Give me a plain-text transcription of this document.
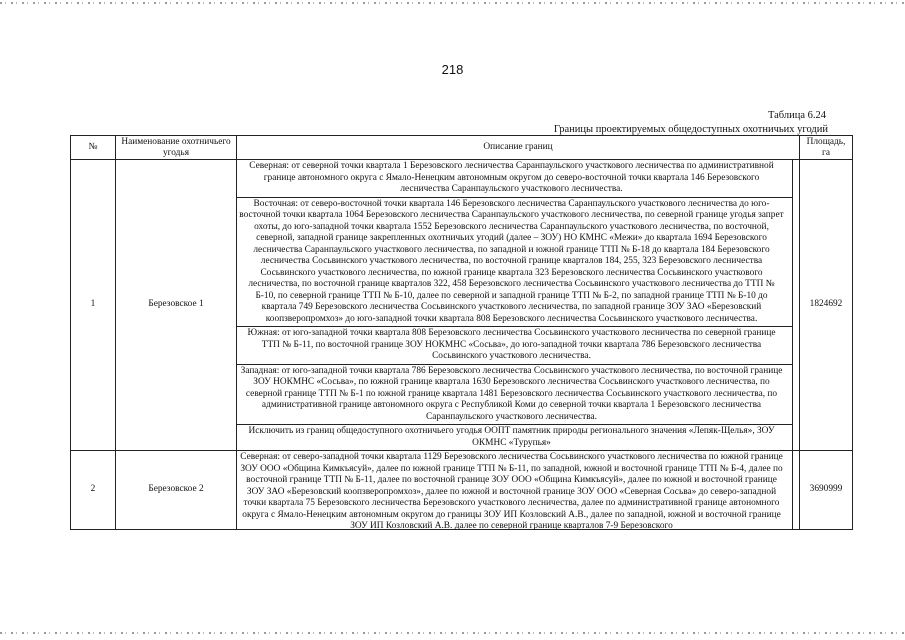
218
Таблица 6.24
Границы проектируемых общедоступных охотничьих угодий
№	Наименование охотничьего угодья	Описание границ	Площадь, га
1	Березовское 1	Северная: от северной точки квартала 1 Березовского лесничества Саранпаульского участкового лесничества по административной границе автономного округа с Ямало-Ненецким автономным округом до северо-восточной точки квартала 146 Березовского лесничества Саранпаульского участкового лесничества.
Восточная: от северо-восточной точки квартала 146 Березовского лесничества Саранпаульского участкового лесничества до юго-восточной точки квартала 1064 Березовского лесничества Саранпаульского участкового лесничества, по северной границе угодья запрет охоты, до юго-западной точки квартала 1552 Березовского лесничества Саранпаульского участкового лесничества, по восточной, северной, западной границе закрепленных охотничьих угодий (далее – ЗОУ) НО КМНС «Межи» до квартала 1694 Березовского лесничества Саранпаульского участкового лесничества, по западной и южной границе ТТП № Б-18 до квартала 184 Березовского лесничества Сосьвинского участкового лесничества, по восточной границе кварталов 184, 255, 323 Березовского лесничества Сосьвинского участкового лесничества, по южной границе квартала 323 Березовского лесничества Сосьвинского участкового лесничества, по восточной границе кварталов 322, 458 Березовского лесничества Сосьвинского участкового лесничества до ТТП № Б-10, по северной границе ТТП № Б-10, далее по северной и западной границе ТТП № Б-2, по западной границе ТТП № Б-10 до квартала 749 Березовского лесничества Сосьвинского участкового лесничества, по западной границе ЗОУ ЗАО «Березовский коопзверопромхоз» до юго-западной точки квартала 808 Березовского лесничества Сосьвинского участкового лесничества.
Южная: от юго-западной точки квартала 808 Березовского лесничества Сосьвинского участкового лесничества по северной границе ТТП № Б-11, по восточной границе ЗОУ НОКМНС «Сосьва», до юго-западной точки квартала 786 Березовского лесничества Сосьвинского участкового лесничества.
Западная: от юго-западной точки квартала 786 Березовского лесничества Сосьвинского участкового лесничества, по восточной границе ЗОУ НОКМНС «Сосьва», по южной границе квартала 1630 Березовского лесничества Сосьвинского участкового лесничества, по северной границе ТТП № Б-1 по южной границе квартала 1481 Березовского лесничества Сосьвинского участкового лесничества, по административной границе автономного округа с Республикой Коми до северной точки квартала 1 Березовского лесничества Саранпаульского участкового лесничества.
Исключить из границ общедоступного охотничьего угодья ООПТ памятник природы регионального значения «Лепяк-Щелья», ЗОУ ОКМНС «Турупья»	1824692
2	Березовское 2	Северная: от северо-западной точки квартала 1129 Березовского лесничества Сосьвинского участкового лесничества по южной границе ЗОУ ООО «Община Кимкъясуй», далее по южной границе ТТП № Б-11, по западной, южной и восточной границе ТТП № Б-4, далее по восточной границе ТТП № Б-11, далее по восточной границе ЗОУ ООО «Община Кимкъясуй», далее по южной и восточной границе ЗОУ ЗАО «Березовский коопзверопромхоз», далее по южной и восточной границе ЗОУ ООО «Северная Сосьва» до северо-западной точки квартала 75 Березовского лесничества Березовского участкового лесничества, далее по административной границе автономного округа с Ямало-Ненецким автономным округом до границы ЗОУ ИП Козловский А.В., далее по западной, южной и восточной границе ЗОУ ИП Козловский А.В. далее по северной границе кварталов 7-9 Березовского	3690999
